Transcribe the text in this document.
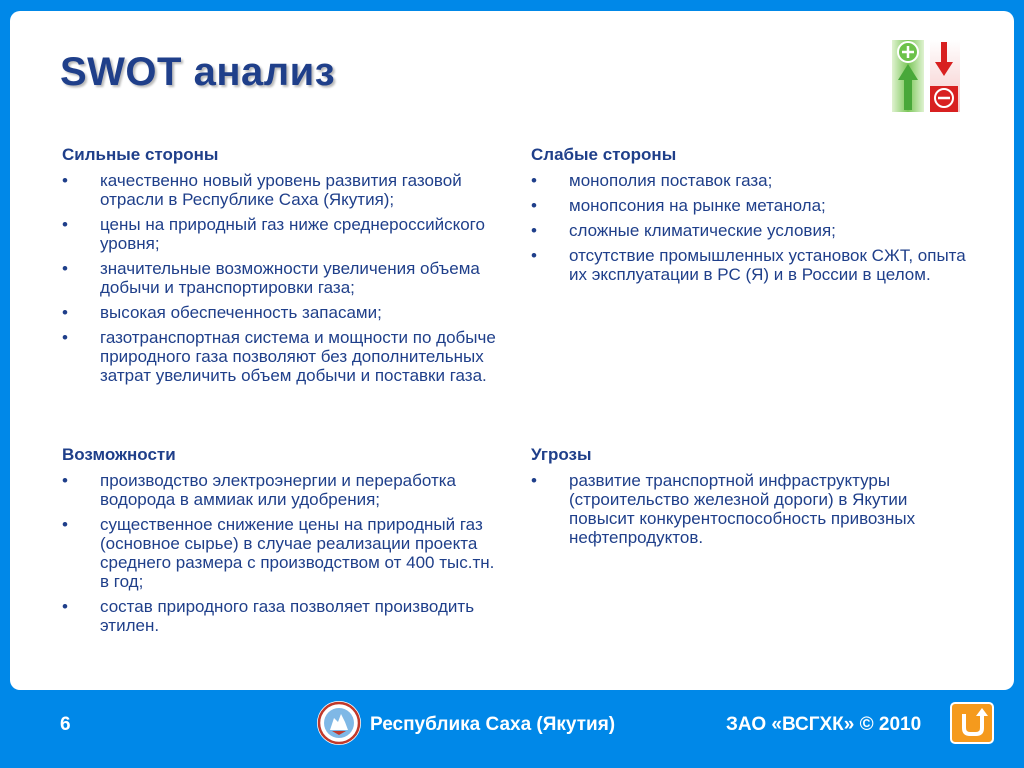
SWOT анализ
Сильные стороны
• качественно новый уровень развития газовой отрасли в Республике Саха (Якутия);
• цены на природный газ ниже среднероссийского уровня;
• значительные возможности увеличения объема добычи и транспортировки газа;
• высокая обеспеченность запасами;
• газотранспортная система и мощности по добыче природного газа позволяют без дополнительных затрат увеличить объем добычи и поставки газа.
Слабые стороны
• монополия поставок газа;
• монопсония на рынке метанола;
• сложные климатические условия;
• отсутствие промышленных установок СЖТ, опыта их эксплуатации в РС (Я) и в России в целом.
Возможности
• производство электроэнергии и переработка водорода в аммиак или удобрения;
• существенное снижение цены на природный газ (основное сырье) в случае реализации проекта среднего размера с производством от 400 тыс.тн. в год;
• состав природного газа позволяет производить этилен.
Угрозы
• развитие транспортной инфраструктуры (строительство железной дороги) в Якутии повысит конкурентоспособность привозных нефтепродуктов.
6	Республика Саха (Якутия)	ЗАО «ВСГХК» © 2010
